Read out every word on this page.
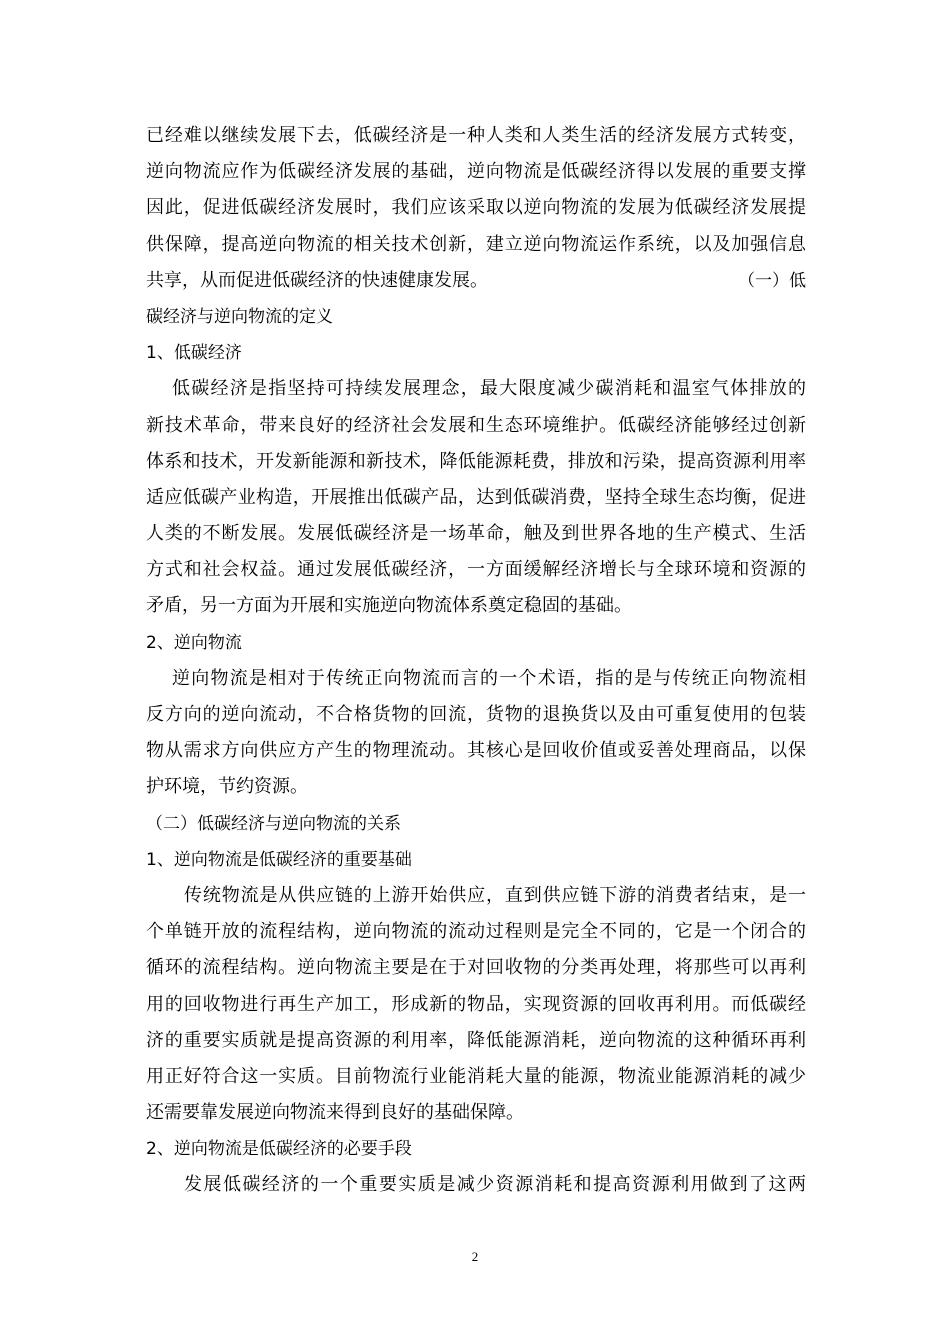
已经难以继续发展下去，低碳经济是一种人类和人类生活的经济发展方式转变，
逆向物流应作为低碳经济发展的基础，逆向物流是低碳经济得以发展的重要支撑
因此，促进低碳经济发展时，我们应该采取以逆向物流的发展为低碳经济发展提
供保障，提高逆向物流的相关技术创新，建立逆向物流运作系统，以及加强信息
共享，从而促进低碳经济的快速健康发展。	（一）低
碳经济与逆向物流的定义
1、低碳经济
低碳经济是指坚持可持续发展理念，最大限度减少碳消耗和温室气体排放的
新技术革命，带来良好的经济社会发展和生态环境维护。低碳经济能够经过创新
体系和技术，开发新能源和新技术，降低能源耗费，排放和污染，提高资源利用率
适应低碳产业构造，开展推出低碳产品，达到低碳消费，坚持全球生态均衡，促进
人类的不断发展。发展低碳经济是一场革命，触及到世界各地的生产模式、生活
方式和社会权益。通过发展低碳经济，一方面缓解经济增长与全球环境和资源的
矛盾，另一方面为开展和实施逆向物流体系奠定稳固的基础。
2、逆向物流
逆向物流是相对于传统正向物流而言的一个术语，指的是与传统正向物流相
反方向的逆向流动，不合格货物的回流，货物的退换货以及由可重复使用的包装
物从需求方向供应方产生的物理流动。其核心是回收价值或妥善处理商品，以保
护环境，节约资源。
（二）低碳经济与逆向物流的关系
1、逆向物流是低碳经济的重要基础
传统物流是从供应链的上游开始供应，直到供应链下游的消费者结束，是一
个单链开放的流程结构，逆向物流的流动过程则是完全不同的，它是一个闭合的
循环的流程结构。逆向物流主要是在于对回收物的分类再处理，将那些可以再利
用的回收物进行再生产加工，形成新的物品，实现资源的回收再利用。而低碳经
济的重要实质就是提高资源的利用率，降低能源消耗，逆向物流的这种循环再利
用正好符合这一实质。目前物流行业能消耗大量的能源，物流业能源消耗的减少
还需要靠发展逆向物流来得到良好的基础保障。
2、逆向物流是低碳经济的必要手段
发展低碳经济的一个重要实质是减少资源消耗和提高资源利用做到了这两
2
